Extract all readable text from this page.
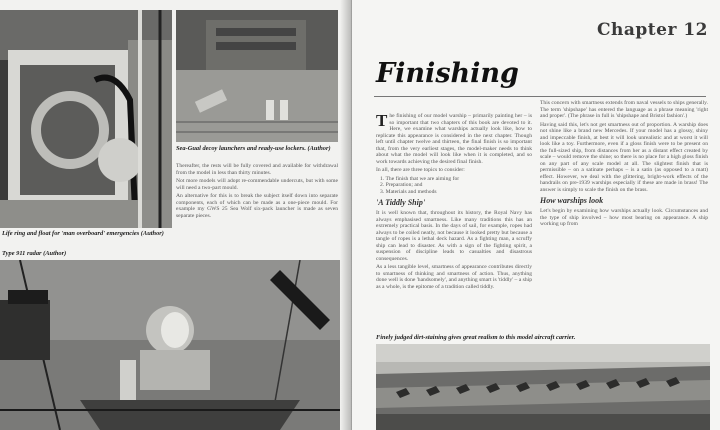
Sea-Gual decoy launchers and ready-use lockers. (Author)

Thereafter, the rests will be fully covered and available for withdrawal from the model in less than thirty minutes.

Not more models will adopt re-commendable undercuts, but with some will need a two-part mould.

An alternative for this is to break the subject itself down into separate components, each of which can be made as a one-piece mould. For example my GWS 25 Sea Wolf six-pack launcher is made as seven separate pieces.

Life ring and float for 'man overboard' emergencies (Author)
Type 911 radar (Author)
Chapter 12
Finishing

The finishing of our model warship – primarily painting her – is so important that two chapters of this book are devoted to it. Here, we examine what warships actually look like, how to replicate this appearance is considered in the next chapter. Though left until chapter twelve and thirteen, the final finish is so important that, from the very earliest stages, the model-maker needs to think about what the model will look like when it is completed, and so work towards achieving the desired final finish.

In all, there are three topics to consider:

1. The finish that we are aiming for
2. Preparation; and
3. Materials and methods
'A Tiddly Ship'

It is well known that, throughout its history, the Royal Navy has always emphasised smartness. Like many traditions this has an extremely practical basis. In the days of sail, for example, ropes had always to be coiled neatly, not because it looked pretty but because a tangle of ropes is a lethal deck hazard. As a fighting man, a scruffy ship can lead to disaster. As with a sign of the fighting spirit, a suspension of discipline leads to casualties and disastrous consequences.

As a less tangible level, smartness of appearance contributes directly to smartness of thinking and smartness of action. Thus, anything done well is done 'handsomely', and anything smart is 'tiddly' – a ship as a whole, is the epitome of a tradition called tiddly.

This concern with smartness extends from naval vessels to ships generally. The term 'shipshape' has entered the language as a phrase meaning 'right and proper'. (The phrase in full is 'shipshape and Bristol fashion'.)

Having said this, let's not get smartness out of proportion. A warship does not shine like a brand new Mercedes. If your model has a glossy, shiny and impeccable finish, at best it will look unrealistic and at worst it will look like a toy. Furthermore, even if a gloss finish were to be present on the full-sized ship, from distances from her as a distant effect created by scale – would remove the shine; so there is no place for a high gloss finish on any part of any scale model at all. The slightest finish that is permissible – on a satinate perhaps – is a satin (as opposed to a matt) effect. However, we deal with the glittering, bright-work effects of the handrails on pre-1939 warships especially if these are made in brass! The answer is simply to scale the finish on the brass.

How warships look

Let's begin by examining how warships actually look. Circumstances and the type of ship involved – how most bearing on appearance. A ship working up from

Finely judged dirt-staining gives great realism to this model aircraft carrier.
